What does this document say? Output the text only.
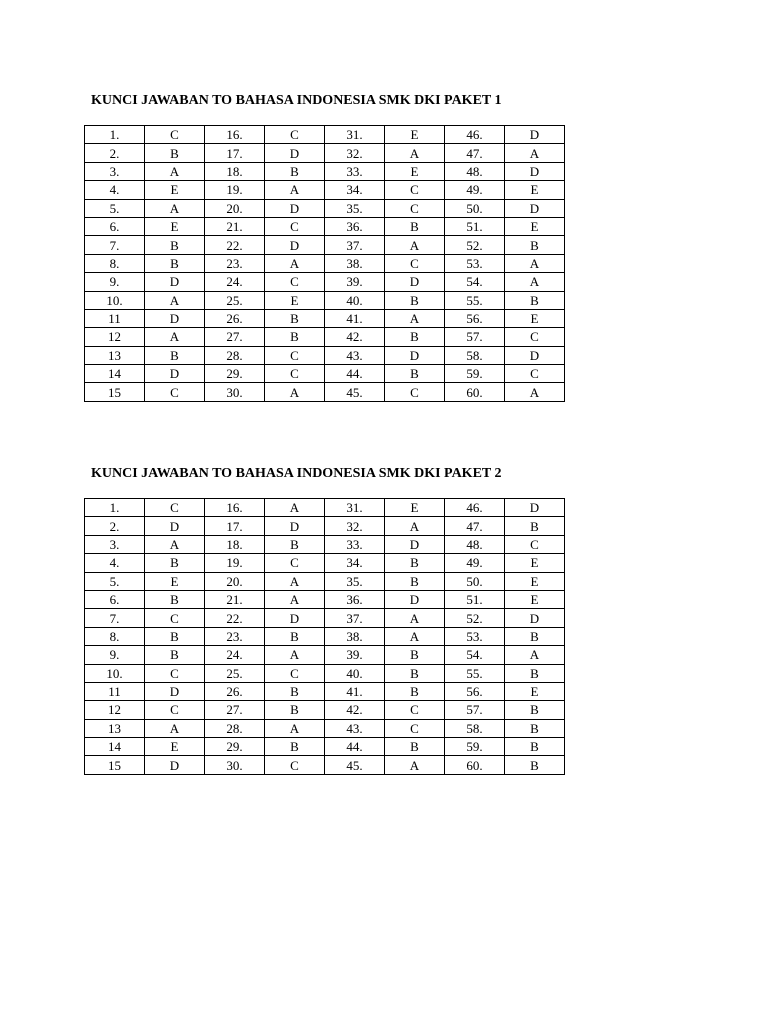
KUNCI JAWABAN TO BAHASA INDONESIA SMK DKI PAKET 1
1.	C	16.	C	31.	E	46.	D
2.	B	17.	D	32.	A	47.	A
3.	A	18.	B	33.	E	48.	D
4.	E	19.	A	34.	C	49.	E
5.	A	20.	D	35.	C	50.	D
6.	E	21.	C	36.	B	51.	E
7.	B	22.	D	37.	A	52.	B
8.	B	23.	A	38.	C	53.	A
9.	D	24.	C	39.	D	54.	A
10.	A	25.	E	40.	B	55.	B
11	D	26.	B	41.	A	56.	E
12	A	27.	B	42.	B	57.	C
13	B	28.	C	43.	D	58.	D
14	D	29.	C	44.	B	59.	C
15	C	30.	A	45.	C	60.	A
KUNCI JAWABAN TO BAHASA INDONESIA SMK DKI PAKET 2
1.	C	16.	A	31.	E	46.	D
2.	D	17.	D	32.	A	47.	B
3.	A	18.	B	33.	D	48.	C
4.	B	19.	C	34.	B	49.	E
5.	E	20.	A	35.	B	50.	E
6.	B	21.	A	36.	D	51.	E
7.	C	22.	D	37.	A	52.	D
8.	B	23.	B	38.	A	53.	B
9.	B	24.	A	39.	B	54.	A
10.	C	25.	C	40.	B	55.	B
11	D	26.	B	41.	B	56.	E
12	C	27.	B	42.	C	57.	B
13	A	28.	A	43.	C	58.	B
14	E	29.	B	44.	B	59.	B
15	D	30.	C	45.	A	60.	B
